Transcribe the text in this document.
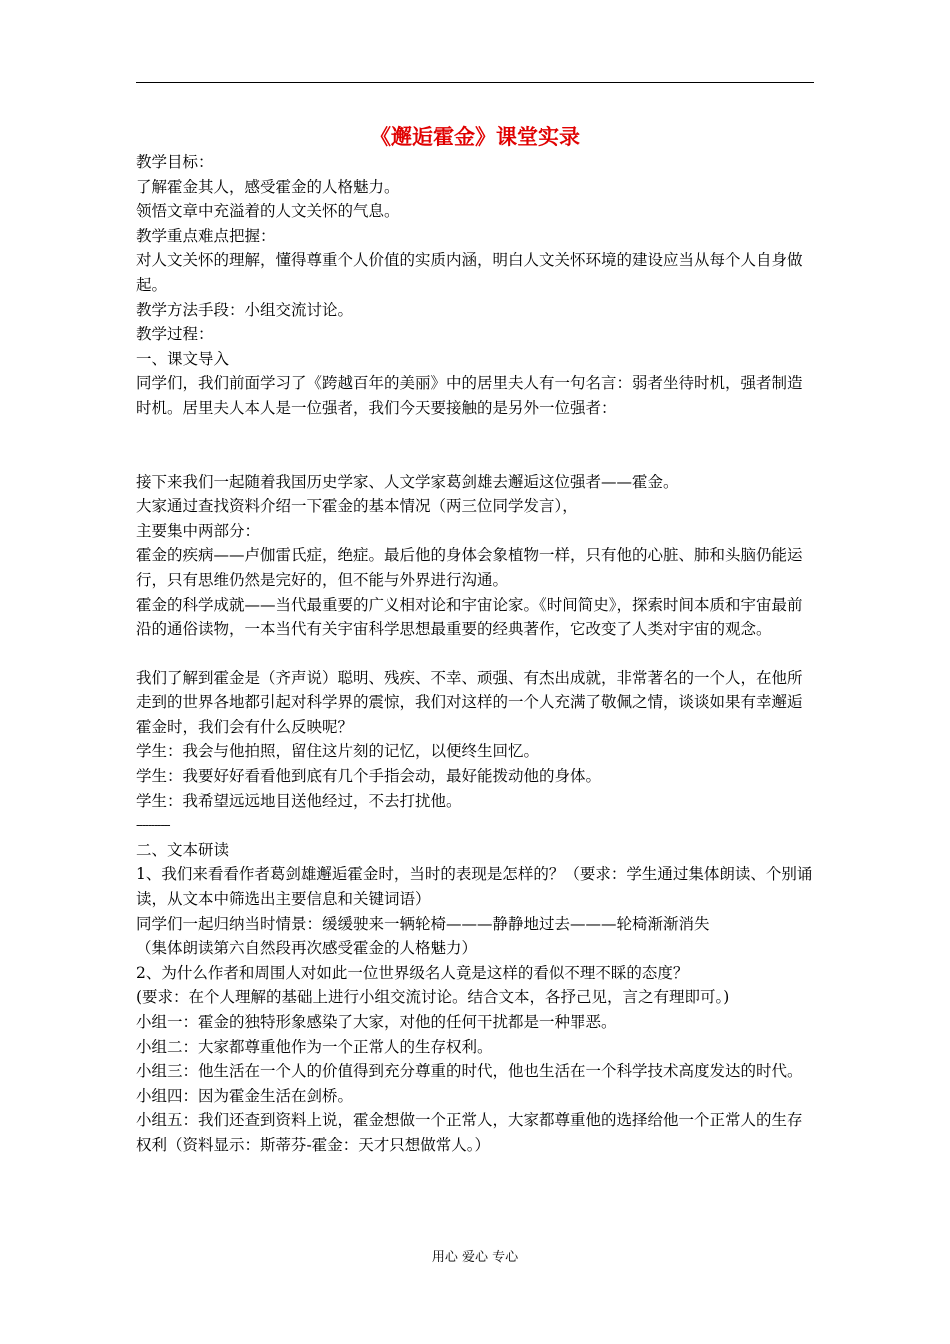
《邂逅霍金》课堂实录

教学目标：

了解霍金其人，感受霍金的人格魅力。

领悟文章中充溢着的人文关怀的气息。

教学重点难点把握：

对人文关怀的理解，懂得尊重个人价值的实质内涵，明白人文关怀环境的建设应当从每个人自身做起。

教学方法手段：小组交流讨论。

教学过程：

一、课文导入

同学们，我们前面学习了《跨越百年的美丽》中的居里夫人有一句名言：弱者坐待时机，强者制造时机。居里夫人本人是一位强者，我们今天要接触的是另外一位强者：

接下来我们一起随着我国历史学家、人文学家葛剑雄去邂逅这位强者——霍金。

大家通过查找资料介绍一下霍金的基本情况（两三位同学发言），

主要集中两部分：

霍金的疾病——卢伽雷氏症，绝症。最后他的身体会象植物一样，只有他的心脏、肺和头脑仍能运行，只有思维仍然是完好的，但不能与外界进行沟通。

霍金的科学成就——当代最重要的广义相对论和宇宙论家。《时间简史》，探索时间本质和宇宙最前沿的通俗读物，一本当代有关宇宙科学思想最重要的经典著作，它改变了人类对宇宙的观念。

我们了解到霍金是（齐声说）聪明、残疾、不幸、顽强、有杰出成就，非常著名的一个人，在他所走到的世界各地都引起对科学界的震惊，我们对这样的一个人充满了敬佩之情，谈谈如果有幸邂逅霍金时，我们会有什么反映呢？

学生：我会与他拍照，留住这片刻的记忆，以便终生回忆。

学生：我要好好看看他到底有几个手指会动，最好能拨动他的身体。

学生：我希望远远地目送他经过，不去打扰他。

-----------

二、文本研读

1、我们来看看作者葛剑雄邂逅霍金时，当时的表现是怎样的？（要求：学生通过集体朗读、个别诵读，从文本中筛选出主要信息和关键词语）

同学们一起归纳当时情景：缓缓驶来一辆轮椅———静静地过去———轮椅渐渐消失

（集体朗读第六自然段再次感受霍金的人格魅力）

2、为什么作者和周围人对如此一位世界级名人竟是这样的看似不理不睬的态度？

(要求：在个人理解的基础上进行小组交流讨论。结合文本，各抒己见，言之有理即可。)

小组一：霍金的独特形象感染了大家，对他的任何干扰都是一种罪恶。

小组二：大家都尊重他作为一个正常人的生存权利。

小组三：他生活在一个人的价值得到充分尊重的时代，他也生活在一个科学技术高度发达的时代。

小组四：因为霍金生活在剑桥。

小组五：我们还查到资料上说，霍金想做一个正常人，大家都尊重他的选择给他一个正常人的生存权利（资料显示：斯蒂芬-霍金：天才只想做常人。）

用心 爱心 专心
